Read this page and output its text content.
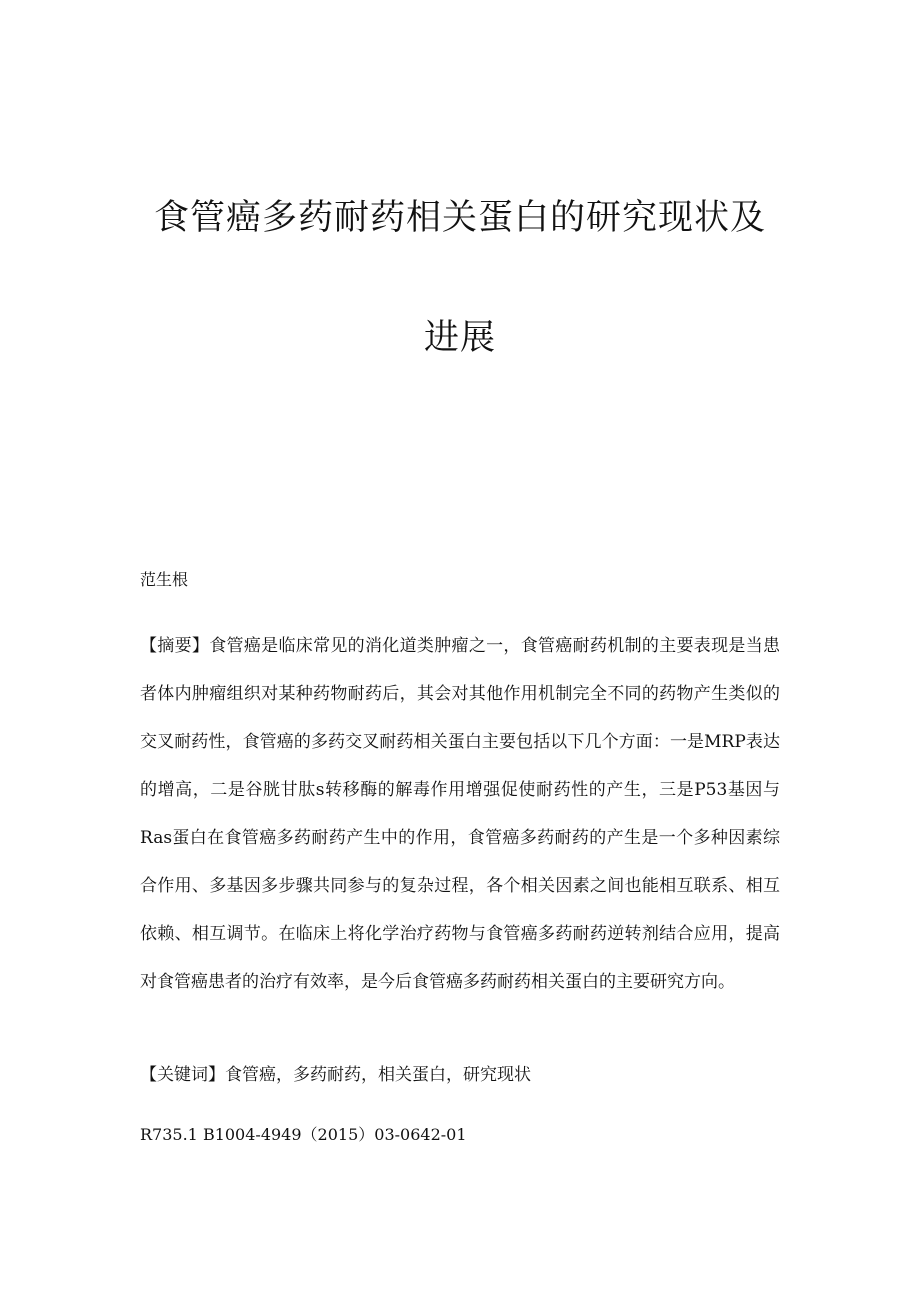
食管癌多药耐药相关蛋白的研究现状及
进展

范生根

【摘要】食管癌是临床常见的消化道类肿瘤之一，食管癌耐药机制的主要表现是当患者体内肿瘤组织对某种药物耐药后，其会对其他作用机制完全不同的药物产生类似的交叉耐药性，食管癌的多药交叉耐药相关蛋白主要包括以下几个方面：一是MRP表达的增高，二是谷胱甘肽s转移酶的解毒作用增强促使耐药性的产生，三是P53基因与Ras蛋白在食管癌多药耐药产生中的作用，食管癌多药耐药的产生是一个多种因素综合作用、多基因多步骤共同参与的复杂过程，各个相关因素之间也能相互联系、相互依赖、相互调节。在临床上将化学治疗药物与食管癌多药耐药逆转剂结合应用，提高对食管癌患者的治疗有效率，是今后食管癌多药耐药相关蛋白的主要研究方向。

【关键词】食管癌，多药耐药，相关蛋白，研究现状

R735.1 B1004-4949（2015）03-0642-01
